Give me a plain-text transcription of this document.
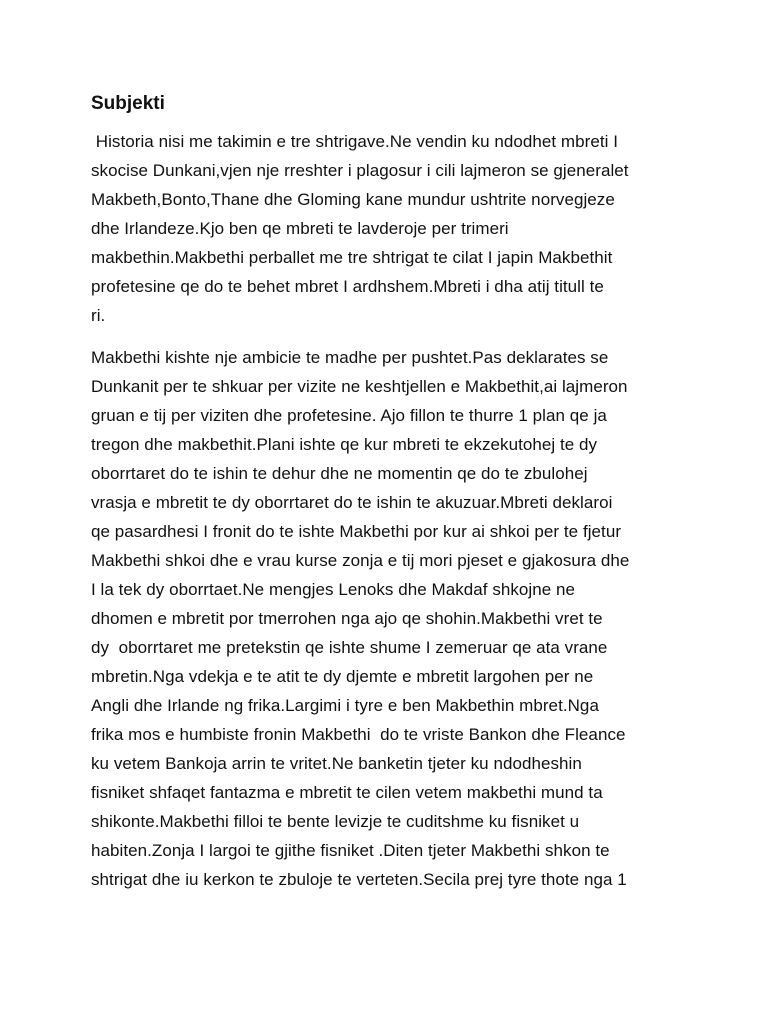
Subjekti
Historia nisi me takimin e tre shtrigave.Ne vendin ku ndodhet mbreti I
skocise Dunkani,vjen nje rreshter i plagosur i cili lajmeron se gjeneralet
Makbeth,Bonto,Thane dhe Gloming kane mundur ushtrite norvegjeze
dhe Irlandeze.Kjo ben qe mbreti te lavderoje per trimeri
makbethin.Makbethi perballet me tre shtrigat te cilat I japin Makbethit
profetesine qe do te behet mbret I ardhshem.Mbreti i dha atij titull te
ri.
Makbethi kishte nje ambicie te madhe per pushtet.Pas deklarates se
Dunkanit per te shkuar per vizite ne keshtjellen e Makbethit,ai lajmeron
gruan e tij per viziten dhe profetesine. Ajo fillon te thurre 1 plan qe ja
tregon dhe makbethit.Plani ishte qe kur mbreti te ekzekutohej te dy
oborrtaret do te ishin te dehur dhe ne momentin qe do te zbulohej
vrasja e mbretit te dy oborrtaret do te ishin te akuzuar.Mbreti deklaroi
qe pasardhesi I fronit do te ishte Makbethi por kur ai shkoi per te fjetur
Makbethi shkoi dhe e vrau kurse zonja e tij mori pjeset e gjakosura dhe
I la tek dy oborrtaet.Ne mengjes Lenoks dhe Makdaf shkojne ne
dhomen e mbretit por tmerrohen nga ajo qe shohin.Makbethi vret te
dy  oborrtaret me pretekstin qe ishte shume I zemeruar qe ata vrane
mbretin.Nga vdekja e te atit te dy djemte e mbretit largohen per ne
Angli dhe Irlande ng frika.Largimi i tyre e ben Makbethin mbret.Nga
frika mos e humbiste fronin Makbethi  do te vriste Bankon dhe Fleance
ku vetem Bankoja arrin te vritet.Ne banketin tjeter ku ndodheshin
fisniket shfaqet fantazma e mbretit te cilen vetem makbethi mund ta
shikonte.Makbethi filloi te bente levizje te cuditshme ku fisniket u
habiten.Zonja I largoi te gjithe fisniket .Diten tjeter Makbethi shkon te
shtrigat dhe iu kerkon te zbuloje te verteten.Secila prej tyre thote nga 1
